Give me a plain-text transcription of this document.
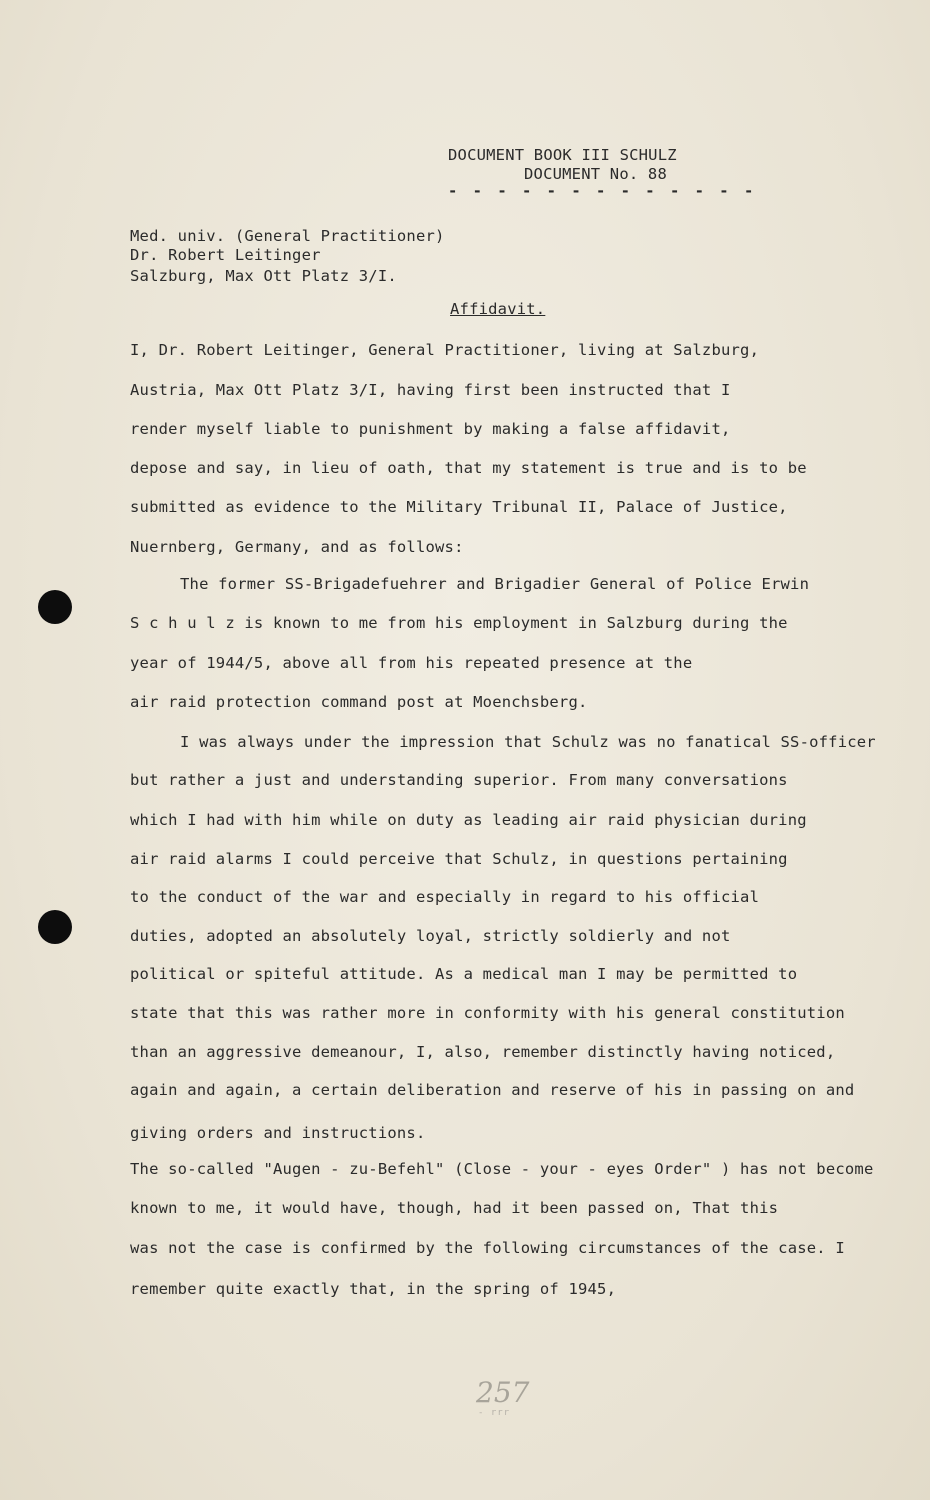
DOCUMENT BOOK III SCHULZ
DOCUMENT No. 88
- - - - - - - - - - - - -
Med. univ. (General Practitioner)
Dr. Robert Leitinger
Salzburg, Max Ott Platz 3/I.
Affidavit.
I, Dr. Robert Leitinger, General Practitioner, living at Salzburg,
Austria, Max Ott Platz 3/I, having first been instructed that I
render myself liable to punishment by making a false affidavit,
depose and say, in lieu of oath, that my statement is true and is to be
submitted as evidence to the Military Tribunal II, Palace of Justice,
Nuernberg, Germany, and as follows:
The former SS-Brigadefuehrer and Brigadier General of Police Erwin
S c h u l z is known to me from his employment in Salzburg during the
year of 1944/5, above all from his repeated presence at the
air raid protection command post at Moenchsberg.
I was always under the impression that Schulz was no fanatical SS-officer
but rather a just and understanding superior. From many conversations
which I had with him while on duty as leading air raid physician during
air raid alarms I could perceive that Schulz, in questions pertaining
to the conduct of the war and especially in regard to his official
duties, adopted an absolutely loyal, strictly soldierly and not
political or spiteful attitude. As a medical man I may be permitted to
state that this was rather more in conformity with his general constitution
than an aggressive demeanour, I, also, remember distinctly having noticed,
again and again, a certain deliberation and reserve of his in passing on and
giving orders and instructions.
The so-called "Augen - zu-Befehl" (Close - your - eyes Order" ) has not become
known to me, it would have, though, had it been passed on, That this
was not the case is confirmed by the following circumstances of the case. I
remember quite exactly that, in the spring of 1945,
257
- rrr
